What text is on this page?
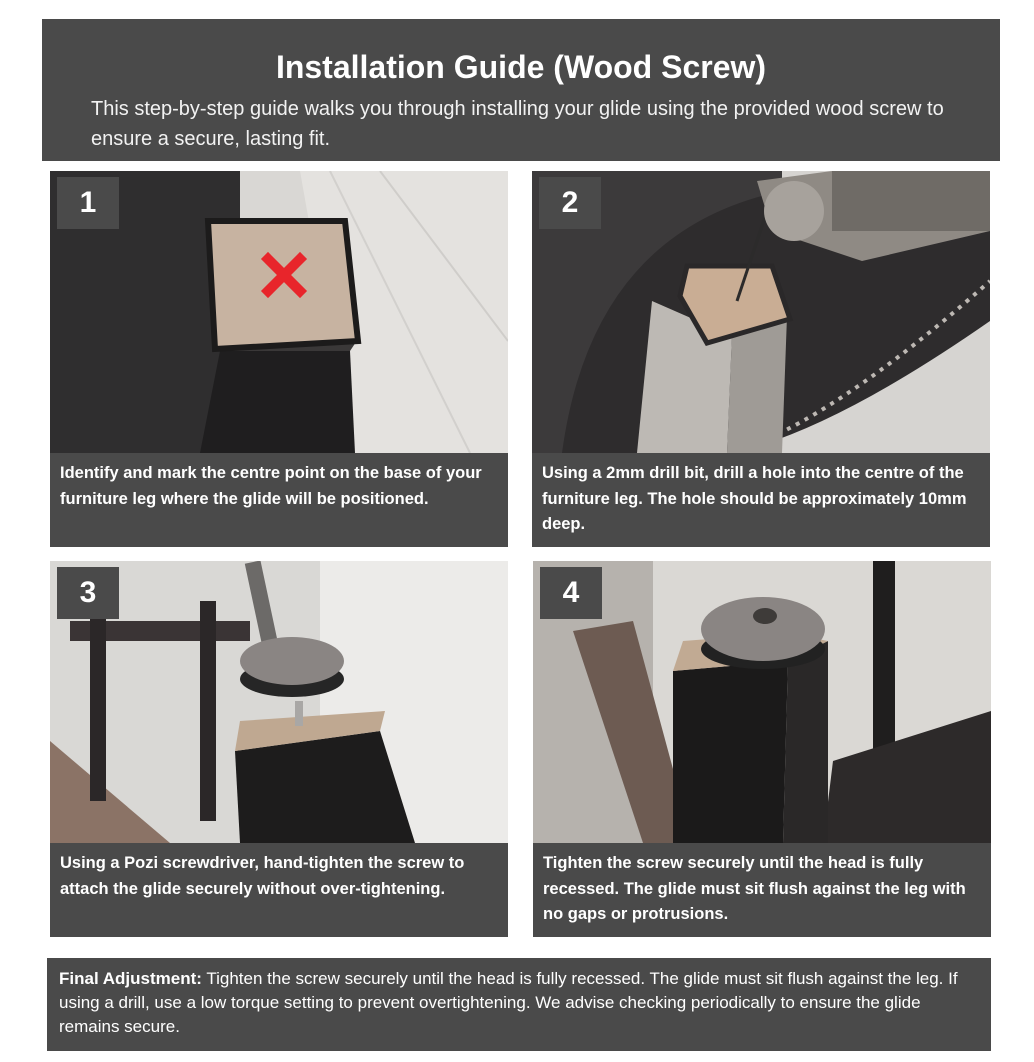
Installation Guide (Wood Screw)

This step-by-step guide walks you through installing your glide using the provided wood screw to ensure a secure, lasting fit.

1
Identify and mark the centre point on the base of your furniture leg where the glide will be positioned.
2
Using a 2mm drill bit, drill a hole into the centre of the furniture leg. The hole should be approximately 10mm deep.
3
Using a Pozi screwdriver, hand-tighten the screw to attach the glide securely without over-tightening.
4
Tighten the screw securely until the head is fully recessed. The glide must sit flush against the leg with no gaps or protrusions.
Final Adjustment: Tighten the screw securely until the head is fully recessed. The glide must sit flush against the leg. If using a drill, use a low torque setting to prevent overtightening. We advise checking periodically to ensure the glide remains secure.
